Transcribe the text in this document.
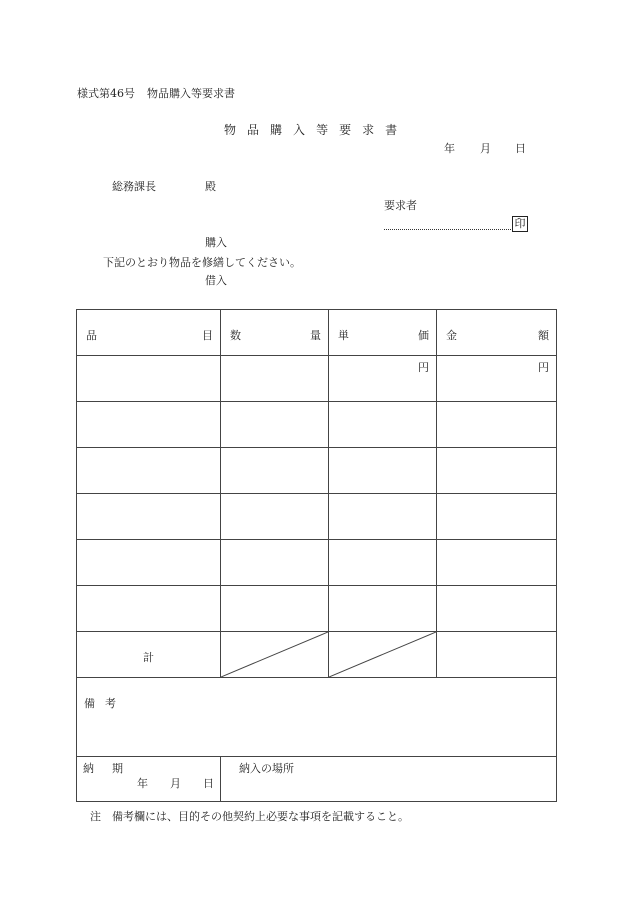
様式第46号 物品購入等要求書
物品購入等要求書
年 月 日
総務課長	殿
要求者
印
購入
下記のとおり物品を修繕してください。
借入
品 目	数 量	単 価	金 額

		円	円

計

備 考			

納 期
年 月 日	納入の場所		
注　備考欄には、目的その他契約上必要な事項を記載すること。
